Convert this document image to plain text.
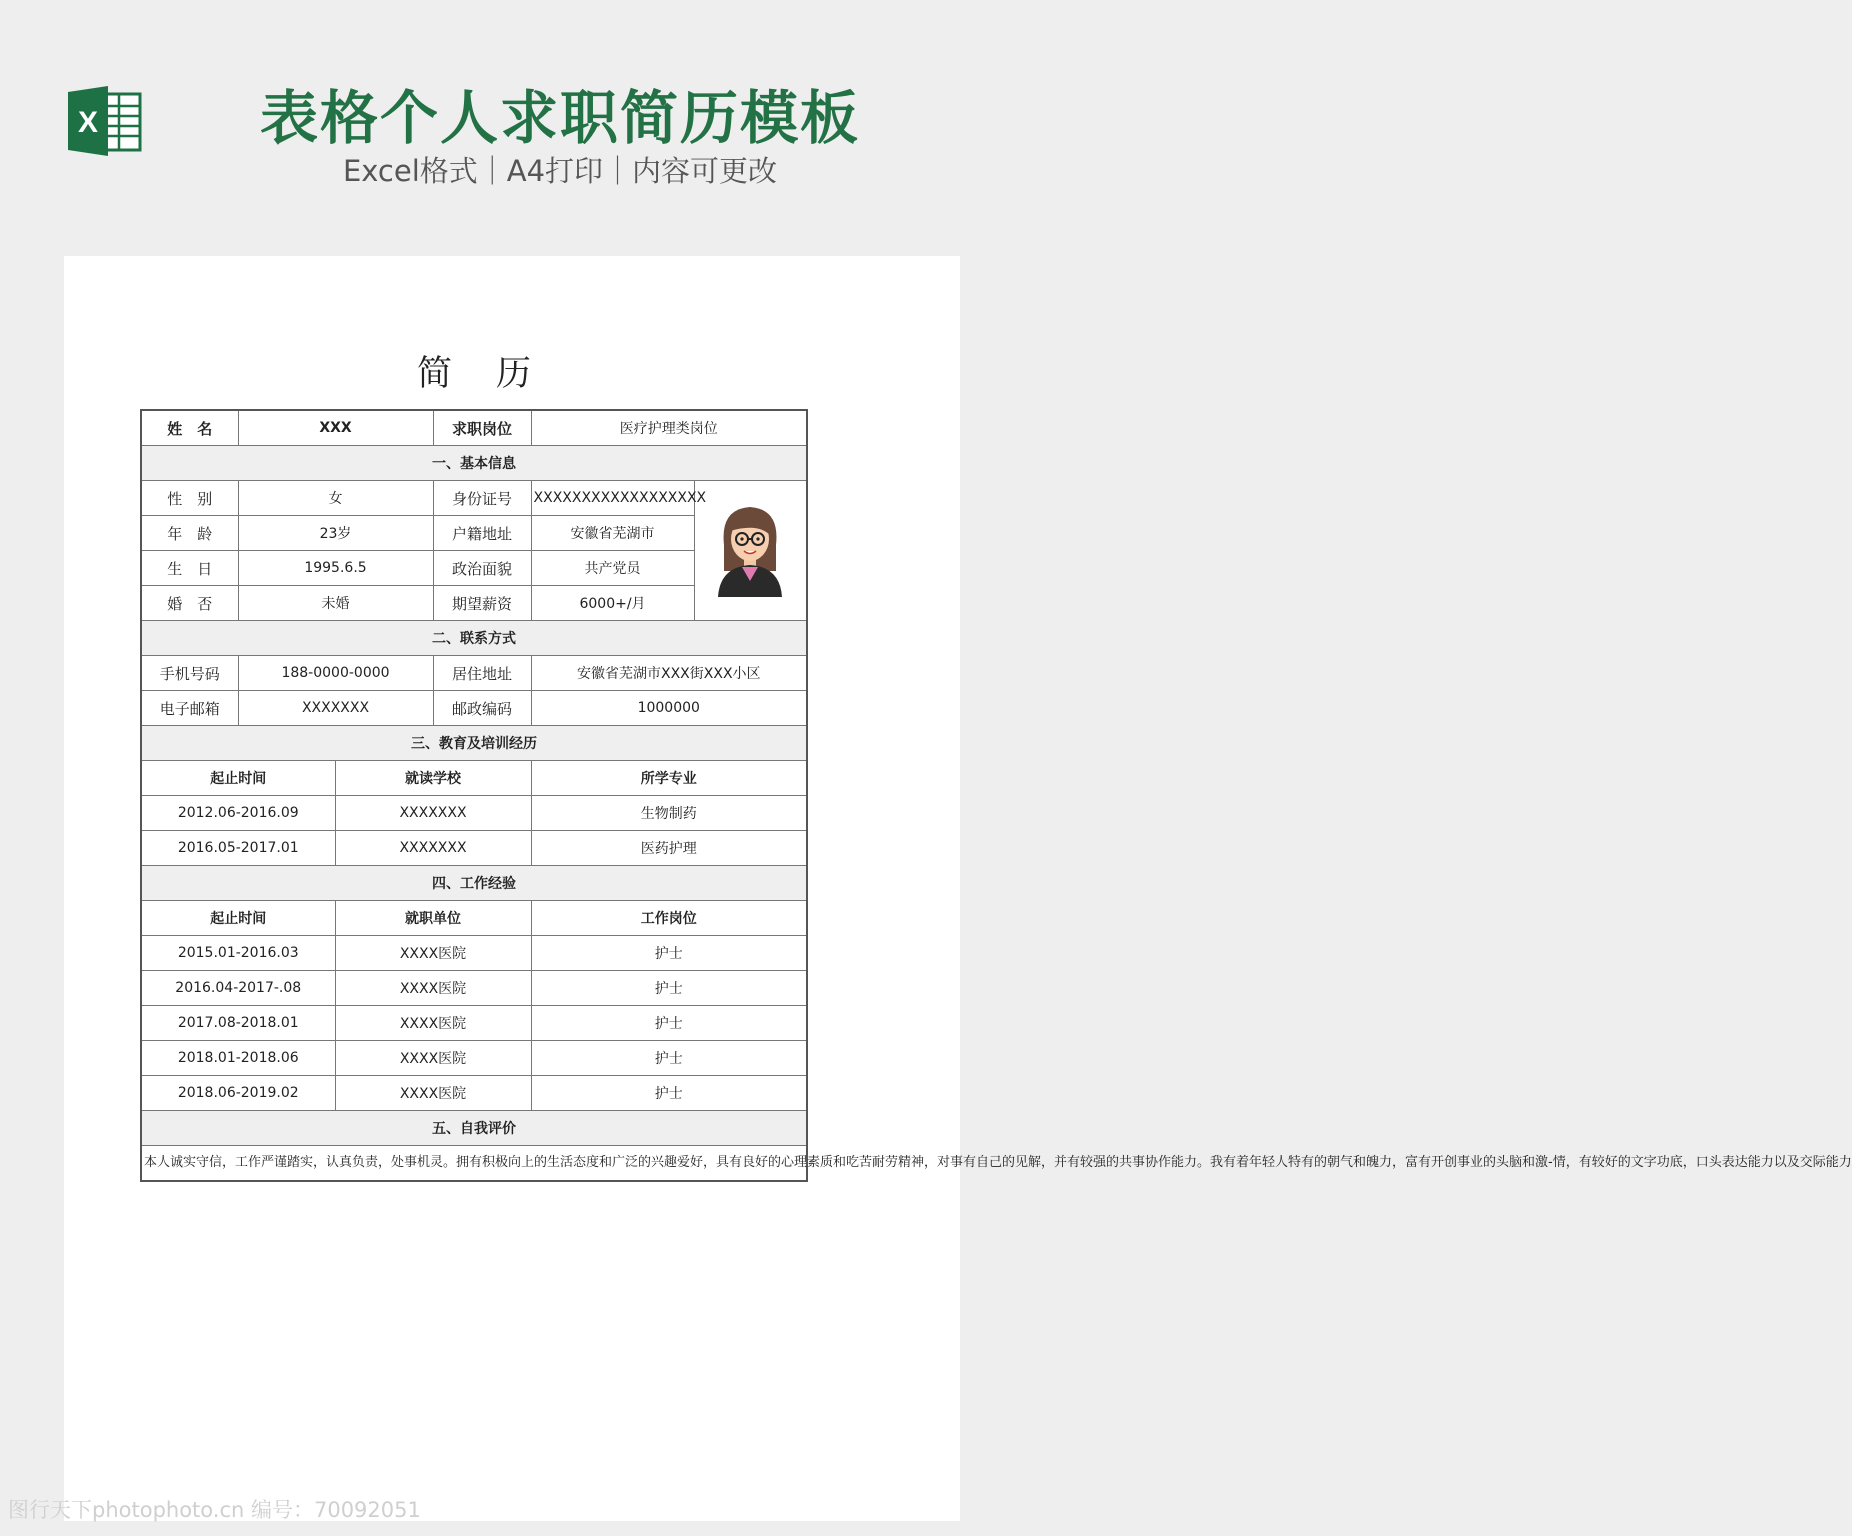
X	表格个人求职简历模板
Excel格式｜A4打印｜内容可更改
简历
姓　名	XXX		求职岗位	医疗护理类岗位	
一、基本信息					
性　别	女		身份证号	XXXXXXXXXXXXXXXXXX	
年　龄	23岁		户籍地址	安徽省芜湖市	
生　日	1995.6.5		政治面貌	共产党员	
婚　否	未婚		期望薪资	6000+/月	
二、联系方式					
手机号码	188-0000-0000		居住地址	安徽省芜湖市XXX街XXX小区	
电子邮箱	XXXXXXX		邮政编码	1000000	
三、教育及培训经历					
起止时间		就读学校		所学专业	
2012.06-2016.09		XXXXXXX		生物制药	
2016.05-2017.01		XXXXXXX		医药护理	
四、工作经验					
起止时间		就职单位		工作岗位	
2015.01-2016.03		XXXX医院		护士	
2016.04-2017-.08		XXXX医院		护士	
2017.08-2018.01		XXXX医院		护士	
2018.01-2018.06		XXXX医院		护士	
2018.06-2019.02		XXXX医院		护士	
五、自我评价					
本人诚实守信，工作严谨踏实，认真负责，处事机灵。拥有积极向上的生活态度和广泛的兴趣爱好，具有良好的心理素质和吃苦耐劳精神，对事有自己的见解，并有较强的共事协作能力。我有着年轻人特有的朝气和魄力，富有开创事业的头脑和激-情，有较好的文字功底，口头表达能力以及交际能力					
图行天下photophoto.cn 编号：70092051
